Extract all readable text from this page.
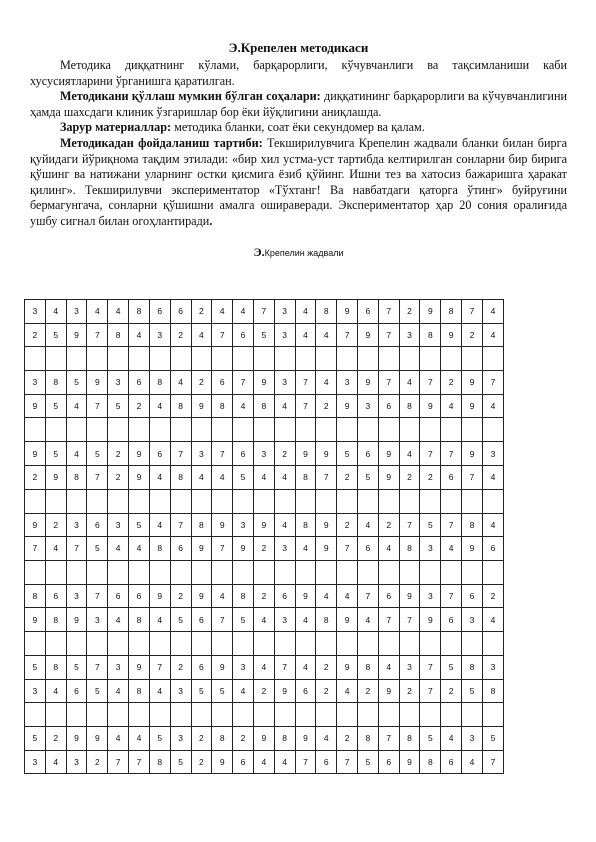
Э.Крепелен методикаси

Методика диққатнинг кўлами, барқарорлиги, кўчувчанлиги ва тақсимланиши каби хусусиятларини ўрганишга қаратилган.

Методикани қўллаш мумкин бўлган соҳалари: диққатининг барқарорлиги ва кўчувчанлигини ҳамда шахсдаги клиник ўзгаришлар бор ёки йўқлигини аниқлашда.

Зарур материаллар: методика бланки, соат ёки секундомер ва қалам.

Методикадан фойдаланиш тартиби: Текширилувчига Крепелин жадвали бланки билан бирга қуйидаги йўриқнома тақдим этилади: «бир хил устма-уст тартибда келтирилган сонларни бир бирига қўшинг ва натижани уларнинг остки қисмига ёзиб қўйинг. Ишни тез ва хатосиз бажаришга ҳаракат қилинг». Текширилувчи экспериментатор «Тўхтанг! Ва навбатдаги қаторга ўтинг» буйруғини бермагунгача, сонларни қўшишни амалга оширaверади. Экспериментатор ҳар 20 сония оралиғида ушбу сигнал билан огоҳлантиради.

Э.Крепелин жадвали
3	4	3	4	4	8	6	6	2	4	4	7	3	4	8	9	6	7	2	9	8	7	4
2	5	9	7	8	4	3	2	4	7	6	5	3	4	4	7	9	7	3	8	9	2	4

3	8	5	9	3	6	8	4	2	6	7	9	3	7	4	3	9	7	4	7	2	9	7
9	5	4	7	5	2	4	8	9	8	4	8	4	7	2	9	3	6	8	9	4	9	4

9	5	4	5	2	9	6	7	3	7	6	3	2	9	9	5	6	9	4	7	7	9	3
2	9	8	7	2	9	4	8	4	4	5	4	4	8	7	2	5	9	2	2	6	7	4

9	2	3	6	3	5	4	7	8	9	3	9	4	8	9	2	4	2	7	5	7	8	4
7	4	7	5	4	4	8	6	9	7	9	2	3	4	9	7	6	4	8	3	4	9	6

8	6	3	7	6	6	9	2	9	4	8	2	6	9	4	4	7	6	9	3	7	6	2
9	8	9	3	4	8	4	5	6	7	5	4	3	4	8	9	4	7	7	9	6	3	4

5	8	5	7	3	9	7	2	6	9	3	4	7	4	2	9	8	4	3	7	5	8	3
3	4	6	5	4	8	4	3	5	5	4	2	9	6	2	4	2	9	2	7	2	5	8

5	2	9	9	4	4	5	3	2	8	2	9	8	9	4	2	8	7	8	5	4	3	5
3	4	3	2	7	7	8	5	2	9	6	4	4	7	6	7	5	6	9	8	6	4	7
